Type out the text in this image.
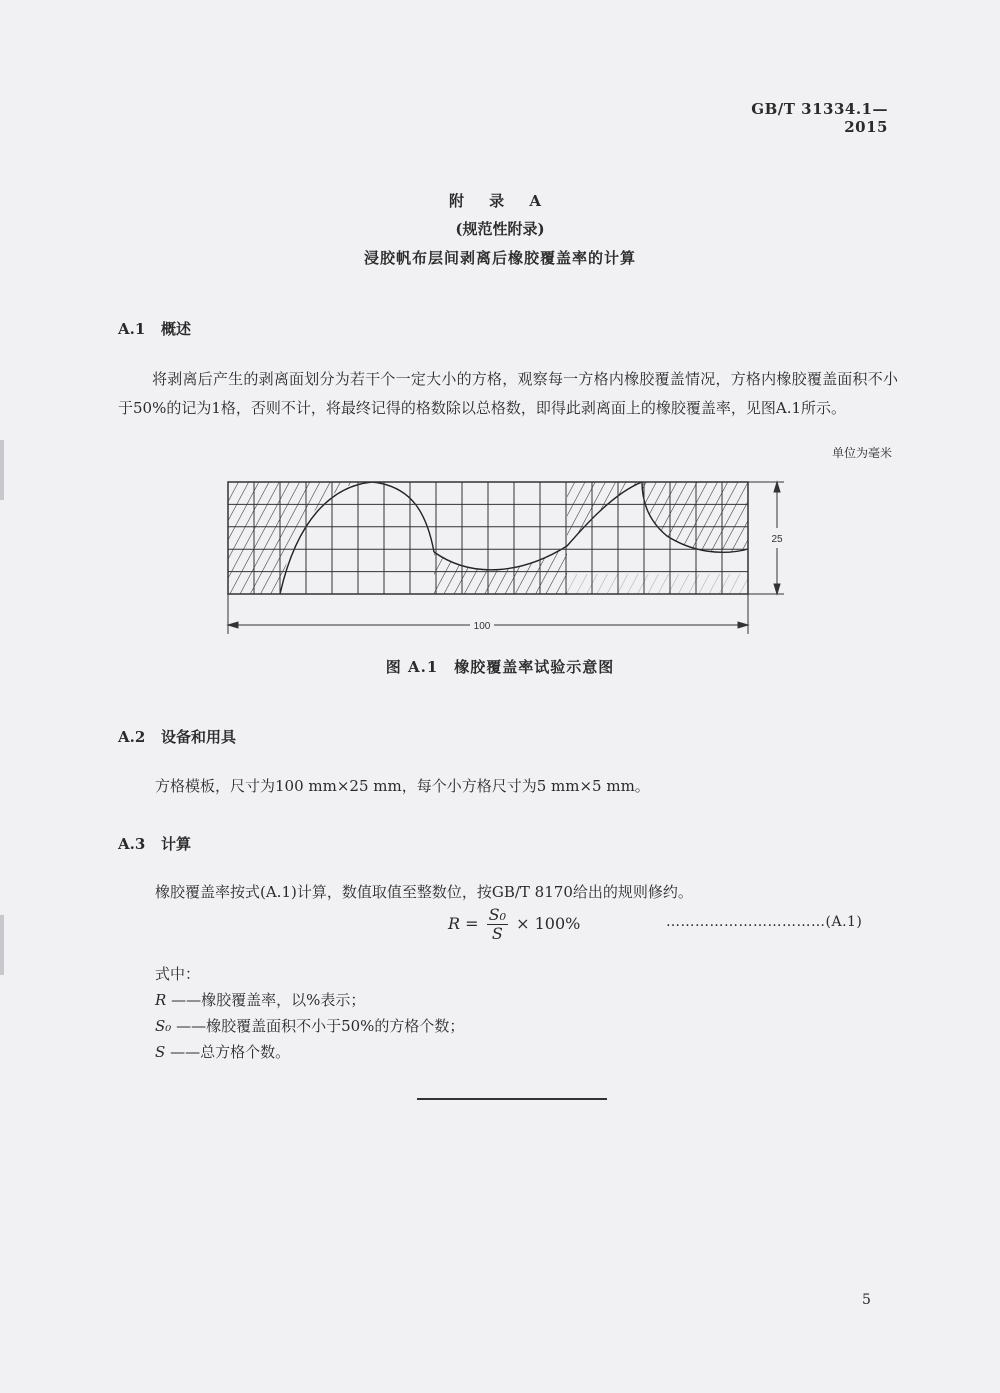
GB/T 31334.1—2015
附 录 A
(规范性附录)
浸胶帆布层间剥离后橡胶覆盖率的计算
A.1 概述
将剥离后产生的剥离面划分为若干个一定大小的方格，观察每一方格内橡胶覆盖情况，方格内橡胶覆盖面积不小于50%的记为1格，否则不计，将最终记得的格数除以总格数，即得此剥离面上的橡胶覆盖率，见图A.1所示。
单位为毫米
100
25
图 A.1　橡胶覆盖率试验示意图
A.2 设备和用具
方格模板，尺寸为100 mm×25 mm，每个小方格尺寸为5 mm×5 mm。
A.3 计算
橡胶覆盖率按式(A.1)计算，数值取值至整数位，按GB/T 8170给出的规则修约。
$R = \frac{\text{S₀}}{S} \times 100\%$	……………………………(A.1)
式中：
R ——橡胶覆盖率，以%表示；
S₀ ——橡胶覆盖面积不小于50%的方格个数；
S ——总方格个数。
5
